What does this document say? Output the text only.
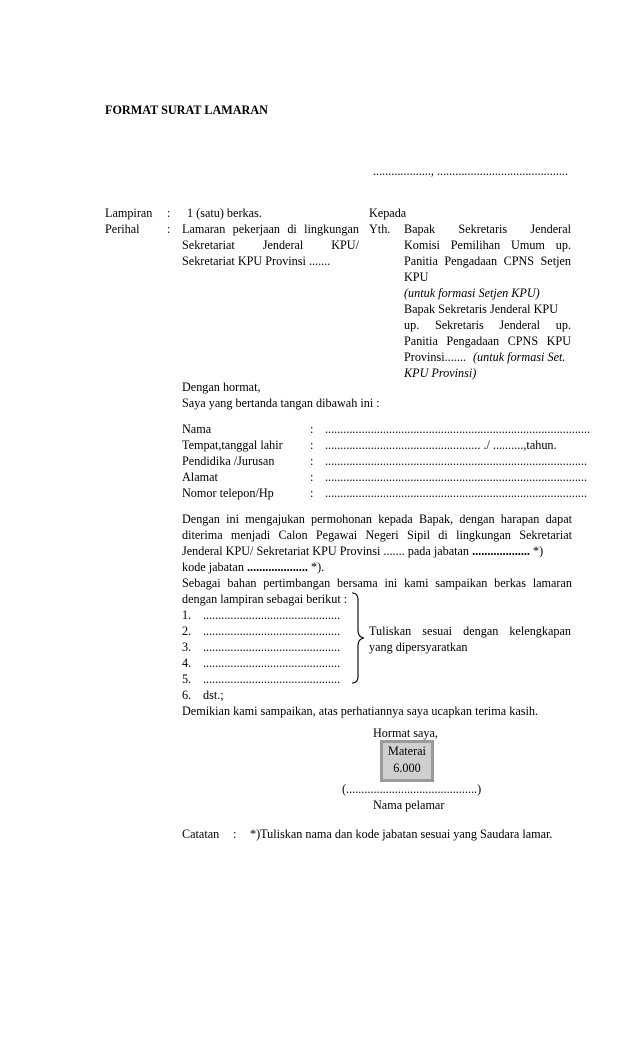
FORMAT SURAT LAMARAN
..................., ...........................................
Lampiran : 1 (satu) berkas.
Perihal : Lamaran pekerjaan di lingkungan
Sekretariat Jenderal KPU/
Sekretariat KPU Provinsi .......
Kepada
Yth. Bapak Sekretaris Jenderal
Komisi Pemilihan Umum up.
Panitia Pengadaan CPNS Setjen
KPU
(untuk formasi Setjen KPU)
Bapak Sekretaris Jenderal KPU
up. Sekretaris Jenderal up.
Panitia Pengadaan CPNS KPU
Provinsi....... (untuk formasi Set.
KPU Provinsi)
Dengan hormat,
Saya yang bertanda tangan dibawah ini :
Nama	: .......................................................................................
Tempat,tanggal lahir : ................................................... ./ ..........,tahun.
Pendidika /Jurusan	: ......................................................................................
Alamat	: ......................................................................................
Nomor telepon/Hp	: ......................................................................................
Dengan ini mengajukan permohonan kepada Bapak, dengan harapan dapat
diterima menjadi Calon Pegawai Negeri Sipil di lingkungan Sekretariat
Jenderal KPU/ Sekretariat KPU Provinsi ....... pada jabatan ................... *)
kode jabatan .................... *).
Sebagai bahan pertimbangan bersama ini kami sampaikan berkas lamaran
dengan lampiran sebagai berikut :
1. .............................................
2. .............................................
3. .............................................
4. .............................................
5. .............................................
6. dst.;
Tuliskan sesuai dengan kelengkapan
yang dipersyaratkan
Demikian kami sampaikan, atas perhatiannya saya ucapkan terima kasih.
Hormat saya,
Materai
6.000
(...........................................)
Nama pelamar
Catatan : *)Tuliskan nama dan kode jabatan sesuai yang Saudara lamar.
